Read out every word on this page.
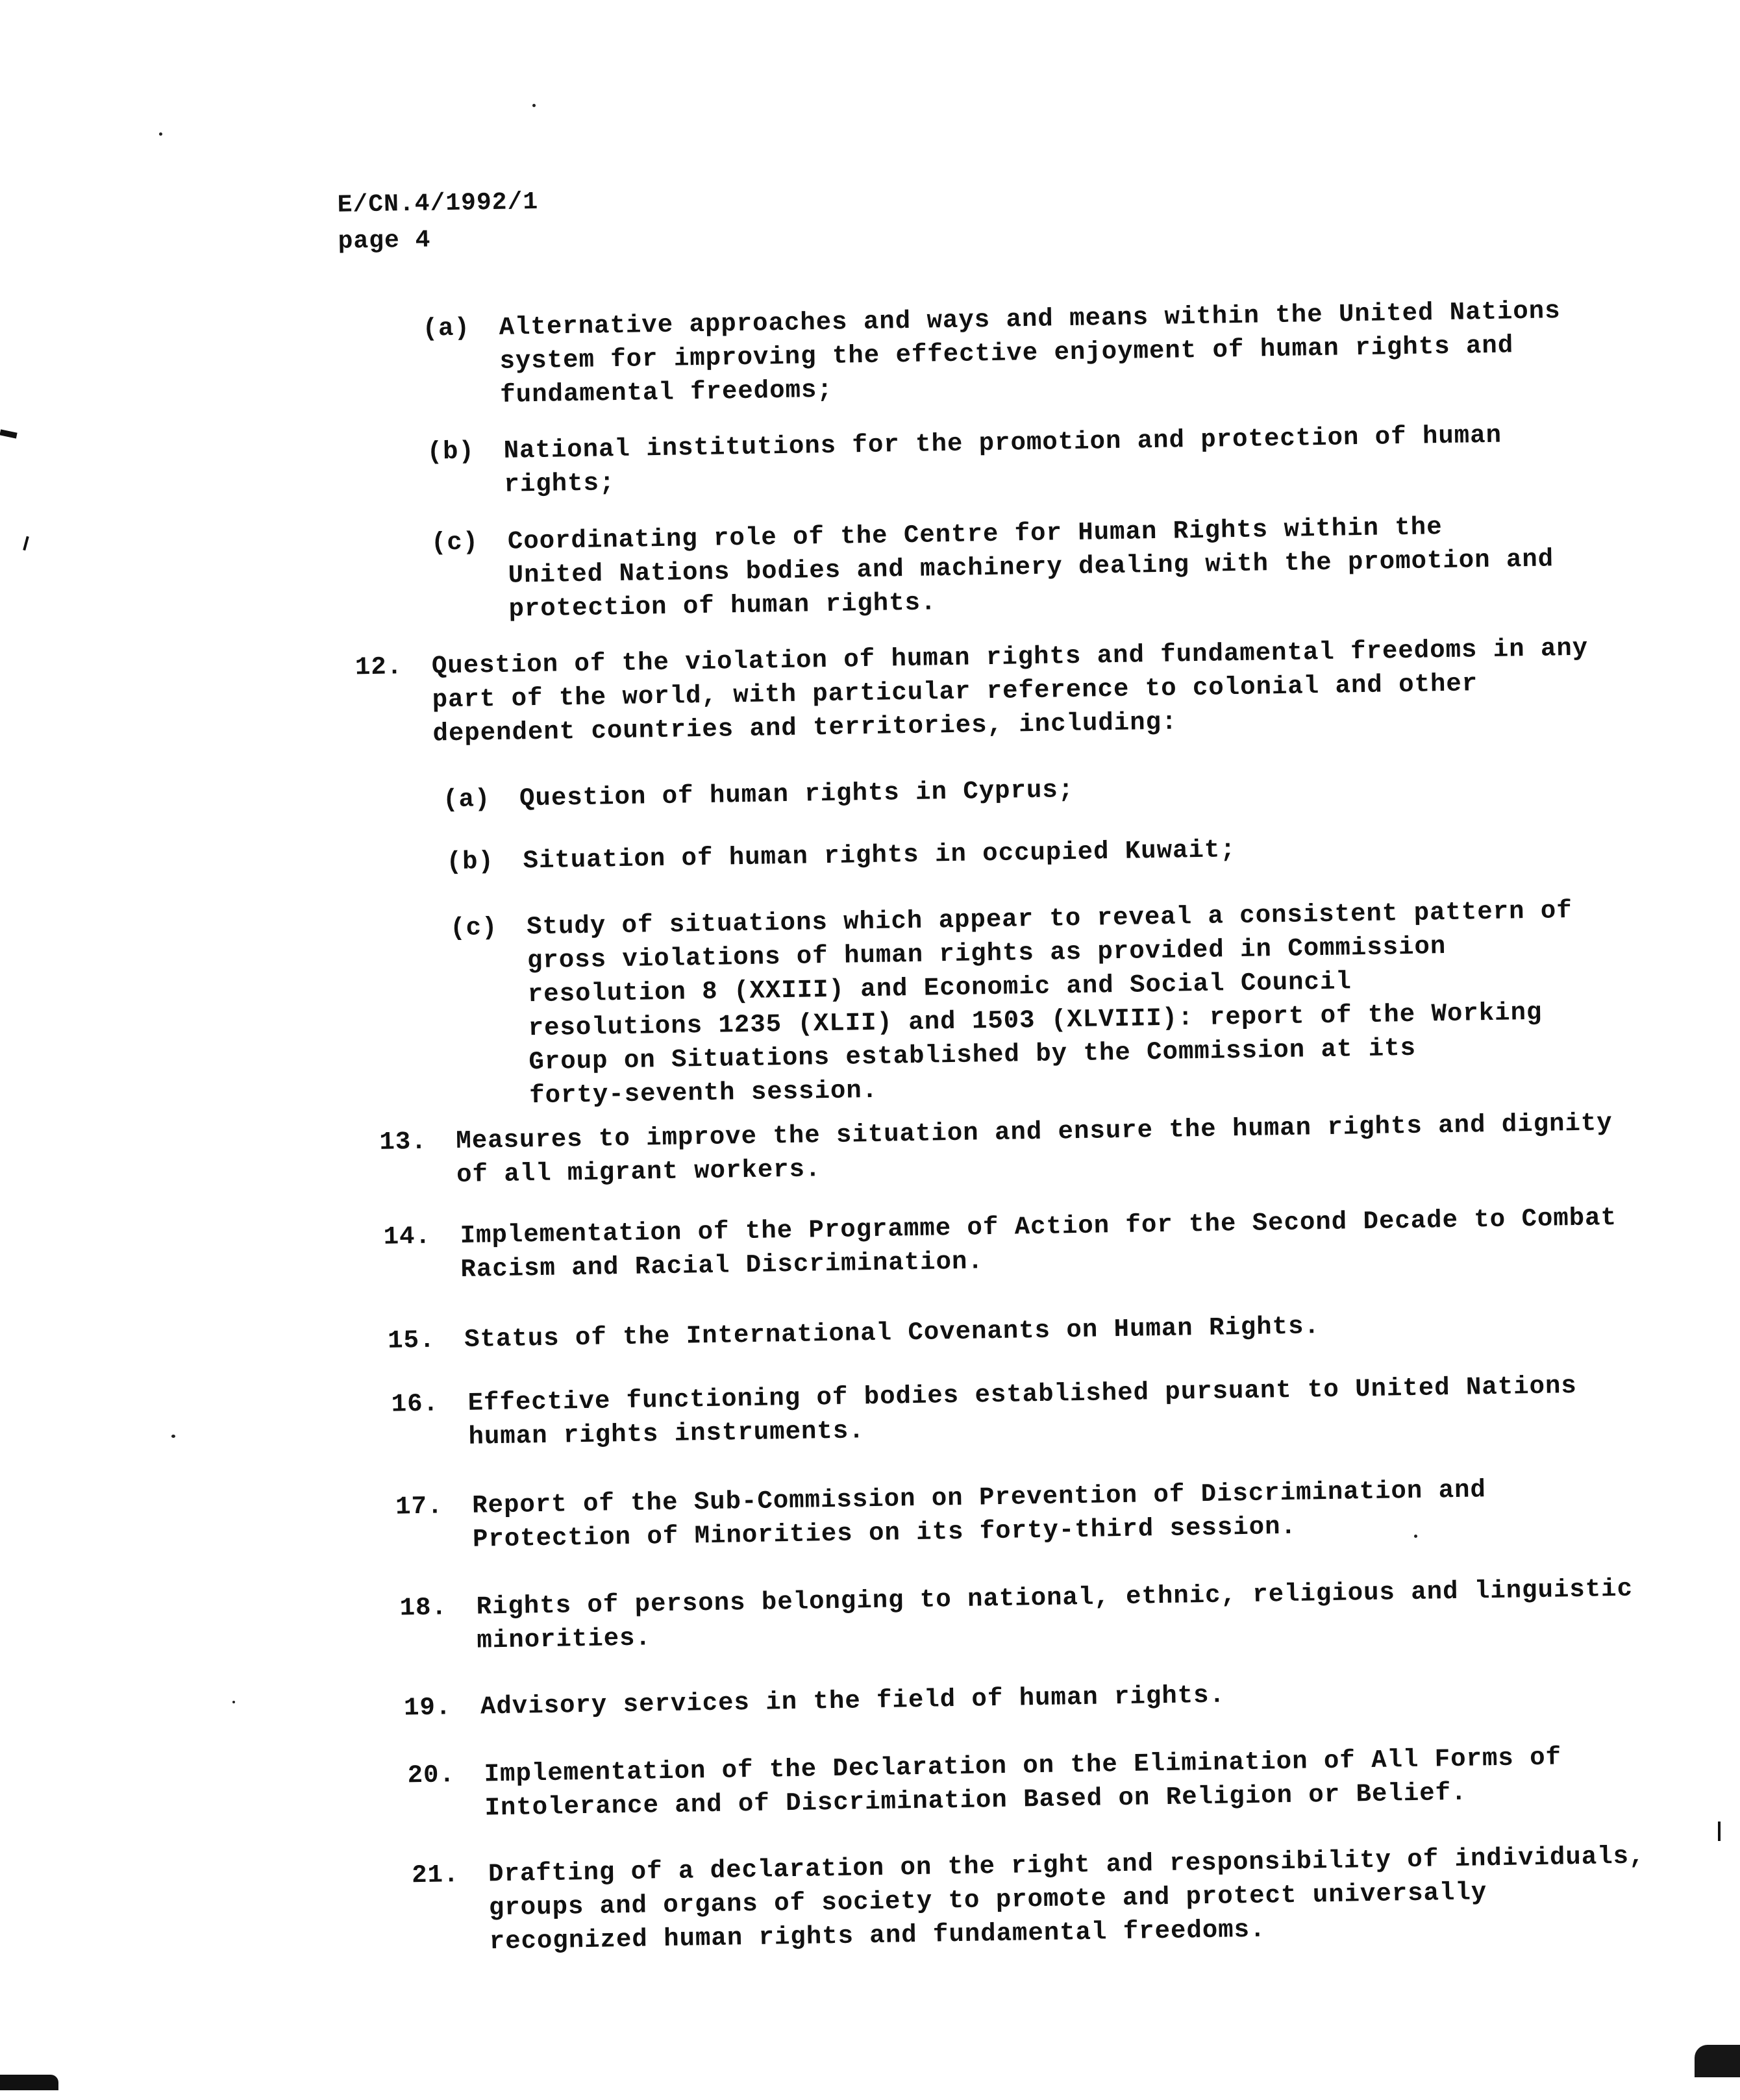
E/CN.4/1992/1
page 4
(a) Alternative approaches and ways and means within the United Nations
system for improving the effective enjoyment of human rights and
fundamental freedoms;
(b) National institutions for the promotion and protection of human
rights;
(c) Coordinating role of the Centre for Human Rights within the
United Nations bodies and machinery dealing with the promotion and
protection of human rights.
12. Question of the violation of human rights and fundamental freedoms in any
part of the world, with particular reference to colonial and other
dependent countries and territories, including:
(a) Question of human rights in Cyprus;
(b) Situation of human rights in occupied Kuwait;
(c) Study of situations which appear to reveal a consistent pattern of
gross violations of human rights as provided in Commission
resolution 8 (XXIII) and Economic and Social Council
resolutions 1235 (XLII) and 1503 (XLVIII): report of the Working
Group on Situations established by the Commission at its
forty-seventh session.
13. Measures to improve the situation and ensure the human rights and dignity
of all migrant workers.
14. Implementation of the Programme of Action for the Second Decade to Combat
Racism and Racial Discrimination.
15. Status of the International Covenants on Human Rights.
16. Effective functioning of bodies established pursuant to United Nations
human rights instruments.
17. Report of the Sub-Commission on Prevention of Discrimination and
Protection of Minorities on its forty-third session.
18. Rights of persons belonging to national, ethnic, religious and linguistic
minorities.
19. Advisory services in the field of human rights.
20. Implementation of the Declaration on the Elimination of All Forms of
Intolerance and of Discrimination Based on Religion or Belief.
21. Drafting of a declaration on the right and responsibility of individuals,
groups and organs of society to promote and protect universally
recognized human rights and fundamental freedoms.
